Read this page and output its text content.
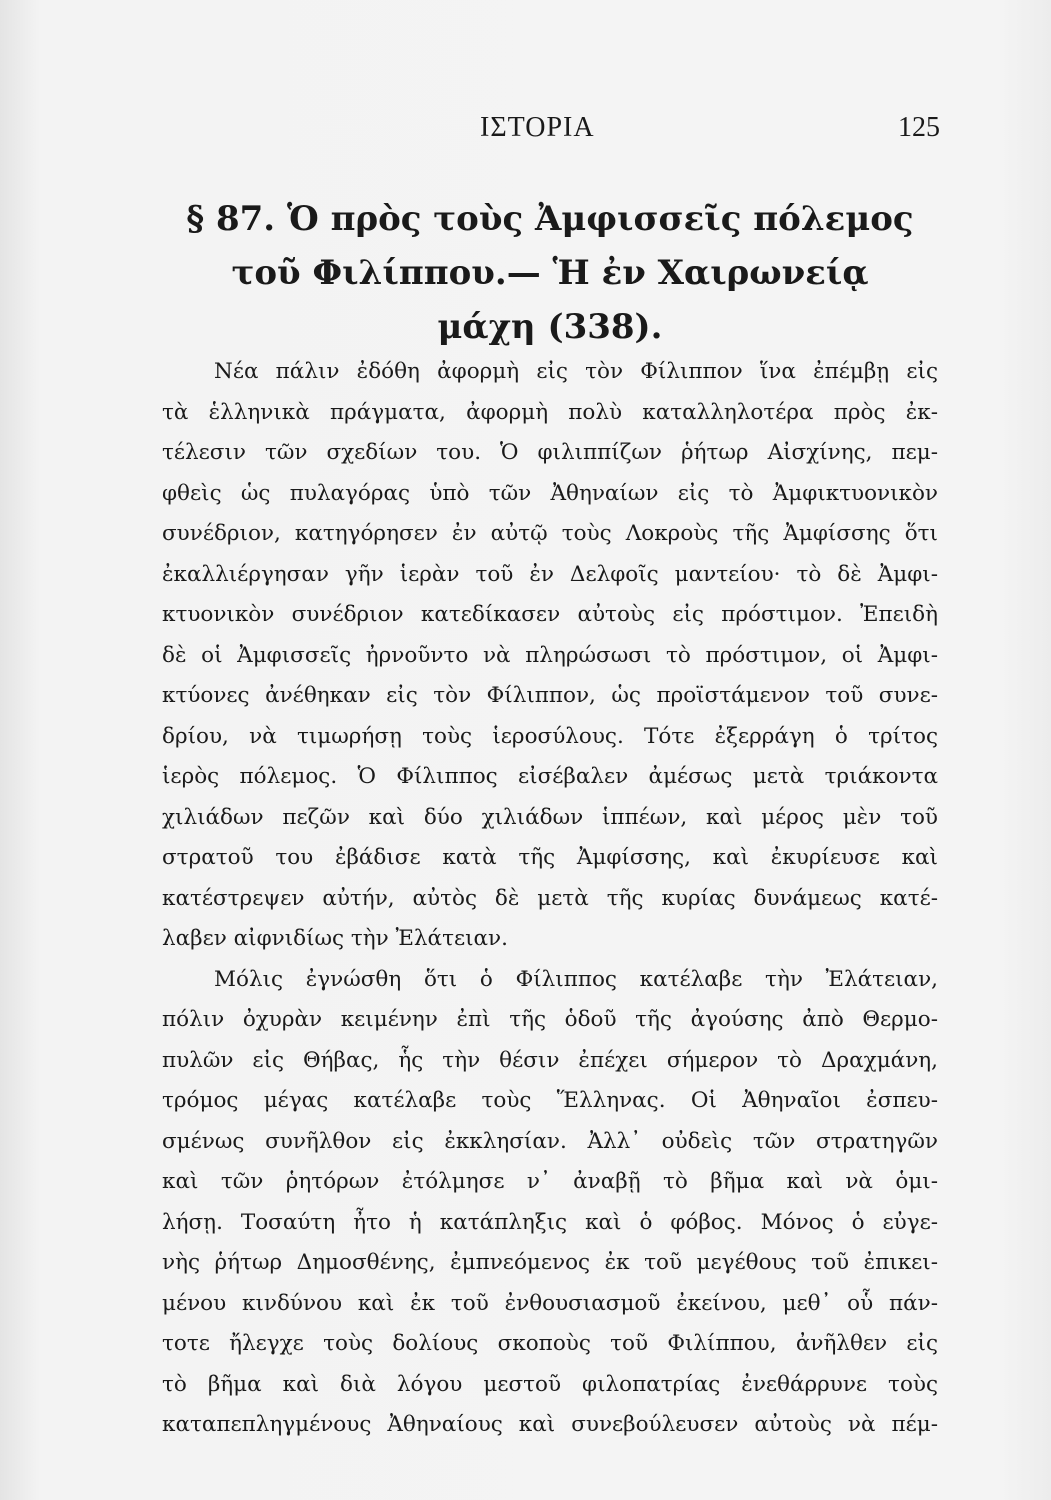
ΙΣΤΟΡΙΑ	125
§ 87. Ὁ πρὸς τοὺς Ἀμφισσεῖς πόλεμος
τοῦ Φιλίππου.— Ἡ ἐν Χαιρωνείᾳ
μάχη (338).
Νέα πάλιν ἐδόθη ἀφορμὴ εἰς τὸν Φίλιππον ἵνα ἐπέμβῃ εἰς
τὰ ἑλληνικὰ πράγματα, ἀφορμὴ πολὺ καταλληλοτέρα πρὸς ἐκ-
τέλεσιν τῶν σχεδίων του. Ὁ φιλιππίζων ῥήτωρ Αἰσχίνης, πεμ-
φθεὶς ὡς πυλαγόρας ὑπὸ τῶν Ἀθηναίων εἰς τὸ Ἀμφικτυονικὸν
συνέδριον, κατηγόρησεν ἐν αὐτῷ τοὺς Λοκροὺς τῆς Ἀμφίσσης ὅτι
ἐκαλλιέργησαν γῆν ἱερὰν τοῦ ἐν Δελφοῖς μαντείου· τὸ δὲ Ἀμφι-
κτυονικὸν συνέδριον κατεδίκασεν αὐτοὺς εἰς πρόστιμον. Ἐπειδὴ
δὲ οἱ Ἀμφισσεῖς ἠρνοῦντο νὰ πληρώσωσι τὸ πρόστιμον, οἱ Ἀμφι-
κτύονες ἀνέθηκαν εἰς τὸν Φίλιππον, ὡς προϊστάμενον τοῦ συνε-
δρίου, νὰ τιμωρήσῃ τοὺς ἱεροσύλους. Τότε ἐξερράγη ὁ τρίτος
ἱερὸς πόλεμος. Ὁ Φίλιππος εἰσέβαλεν ἀμέσως μετὰ τριάκοντα
χιλιάδων πεζῶν καὶ δύο χιλιάδων ἱππέων, καὶ μέρος μὲν τοῦ
στρατοῦ του ἐβάδισε κατὰ τῆς Ἀμφίσσης, καὶ ἐκυρίευσε καὶ
κατέστρεψεν αὐτήν, αὐτὸς δὲ μετὰ τῆς κυρίας δυνάμεως κατέ-
λαβεν αἰφνιδίως τὴν Ἐλάτειαν.
Μόλις ἐγνώσθη ὅτι ὁ Φίλιππος κατέλαβε τὴν Ἐλάτειαν,
πόλιν ὀχυρὰν κειμένην ἐπὶ τῆς ὁδοῦ τῆς ἀγούσης ἀπὸ Θερμο-
πυλῶν εἰς Θήβας, ἧς τὴν θέσιν ἐπέχει σήμερον τὸ Δραχμάνη,
τρόμος μέγας κατέλαβε τοὺς Ἕλληνας. Οἱ Ἀθηναῖοι ἐσπευ-
σμένως συνῆλθον εἰς ἐκκλησίαν. Ἀλλ᾽ οὐδεὶς τῶν στρατηγῶν
καὶ τῶν ῥητόρων ἐτόλμησε ν᾽ ἀναβῇ τὸ βῆμα καὶ νὰ ὁμι-
λήσῃ. Τοσαύτη ἦτο ἡ κατάπληξις καὶ ὁ φόβος. Μόνος ὁ εὐγε-
νὴς ῥήτωρ Δημοσθένης, ἐμπνεόμενος ἐκ τοῦ μεγέθους τοῦ ἐπικει-
μένου κινδύνου καὶ ἐκ τοῦ ἐνθουσιασμοῦ ἐκείνου, μεθ᾽ οὗ πάν-
τοτε ἤλεγχε τοὺς δολίους σκοποὺς τοῦ Φιλίππου, ἀνῆλθεν εἰς
τὸ βῆμα καὶ διὰ λόγου μεστοῦ φιλοπατρίας ἐνεθάρρυνε τοὺς
καταπεπληγμένους Ἀθηναίους καὶ συνεβούλευσεν αὐτοὺς νὰ πέμ-
